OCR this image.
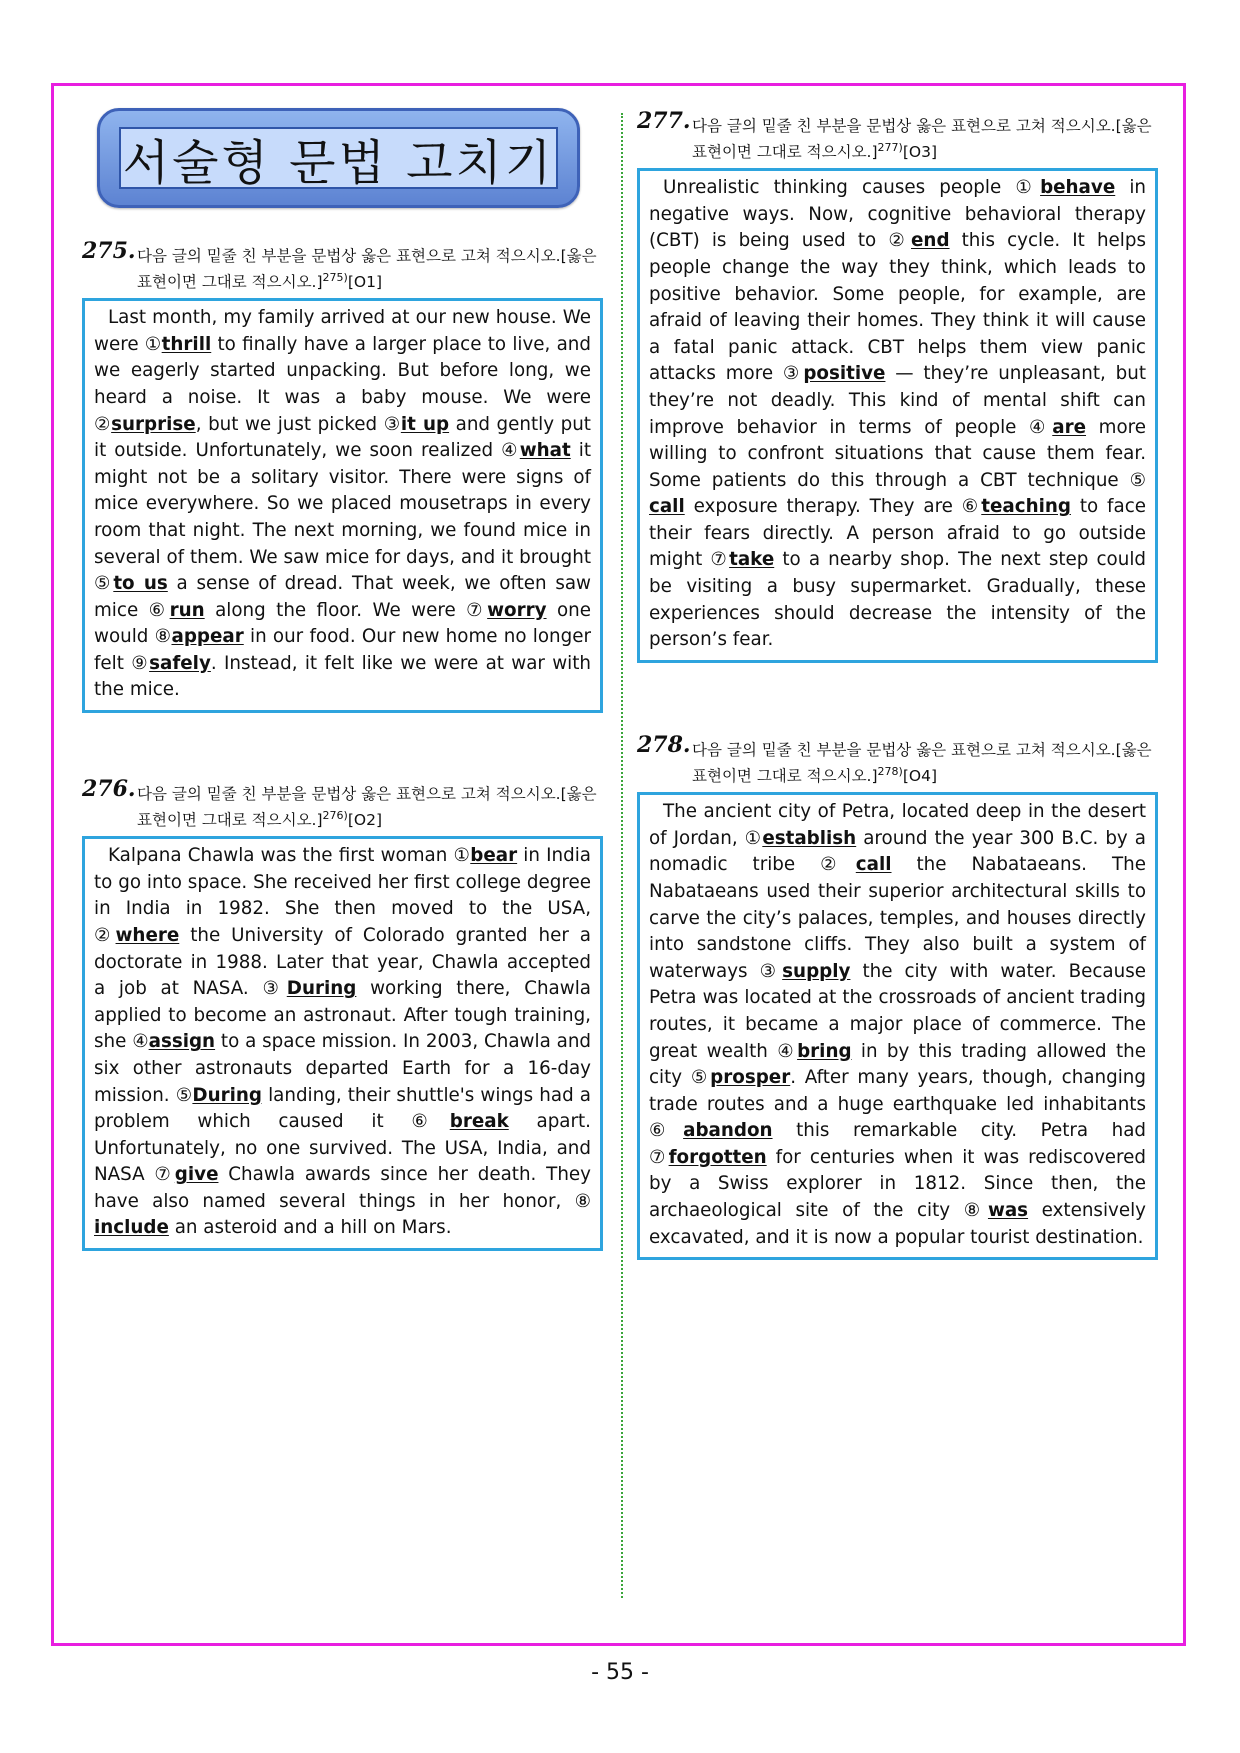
서술형 문법 고치기
275. 다음 글의 밑줄 친 부분을 문법상 옳은 표현으로 고쳐 적으시오.[옳은 표현이면 그대로 적으시오.]$^{275)}$[O1]

Last month, my family arrived at our new house. We were ①thrill to finally have a larger place to live, and we eagerly started unpacking. But before long, we heard a noise. It was a baby mouse. We were ②surprise, but we just picked ③it up and gently put it outside. Unfortunately, we soon realized ④what it might not be a solitary visitor. There were signs of mice everywhere. So we placed mousetraps in every room that night. The next morning, we found mice in several of them. We saw mice for days, and it brought ⑤to us a sense of dread. That week, we often saw mice ⑥run along the floor. We were ⑦worry one would ⑧appear in our food. Our new home no longer felt ⑨safely. Instead, it felt like we were at war with the mice.

276. 다음 글의 밑줄 친 부분을 문법상 옳은 표현으로 고쳐 적으시오.[옳은 표현이면 그대로 적으시오.]$^{276)}$[O2]

Kalpana Chawla was the first woman ①bear in India to go into space. She received her first college degree in India in 1982. She then moved to the USA, ②where the University of Colorado granted her a doctorate in 1988. Later that year, Chawla accepted a job at NASA. ③During working there, Chawla applied to become an astronaut. After tough training, she ④assign to a space mission. In 2003, Chawla and six other astronauts departed Earth for a 16-day mission. ⑤During landing, their shuttle's wings had a problem which caused it ⑥break apart. Unfortunately, no one survived. The USA, India, and NASA ⑦give Chawla awards since her death. They have also named several things in her honor, ⑧ include an asteroid and a hill on Mars.

277. 다음 글의 밑줄 친 부분을 문법상 옳은 표현으로 고쳐 적으시오.[옳은 표현이면 그대로 적으시오.]$^{277)}$[O3]

Unrealistic thinking causes people ①behave in negative ways. Now, cognitive behavioral therapy (CBT) is being used to ②end this cycle. It helps people change the way they think, which leads to positive behavior. Some people, for example, are afraid of leaving their homes. They think it will cause a fatal panic attack. CBT helps them view panic attacks more ③positive — they’re unpleasant, but they’re not deadly. This kind of mental shift can improve behavior in terms of people ④are more willing to confront situations that cause them fear. Some patients do this through a CBT technique ⑤ call exposure therapy. They are ⑥teaching to face their fears directly. A person afraid to go outside might ⑦take to a nearby shop. The next step could be visiting a busy supermarket. Gradually, these experiences should decrease the intensity of the person’s fear.

278. 다음 글의 밑줄 친 부분을 문법상 옳은 표현으로 고쳐 적으시오.[옳은 표현이면 그대로 적으시오.]$^{278)}$[O4]

The ancient city of Petra, located deep in the desert of Jordan, ①establish around the year 300 B.C. by a nomadic tribe ②call the Nabataeans. The Nabataeans used their superior architectural skills to carve the city’s palaces, temples, and houses directly into sandstone cliffs. They also built a system of waterways ③supply the city with water. Because Petra was located at the crossroads of ancient trading routes, it became a major place of commerce. The great wealth ④bring in by this trading allowed the city ⑤prosper. After many years, though, changing trade routes and a huge earthquake led inhabitants ⑥abandon this remarkable city. Petra had ⑦forgotten for centuries when it was rediscovered by a Swiss explorer in 1812. Since then, the archaeological site of the city ⑧was extensively excavated, and it is now a popular tourist destination.

- 55 -
